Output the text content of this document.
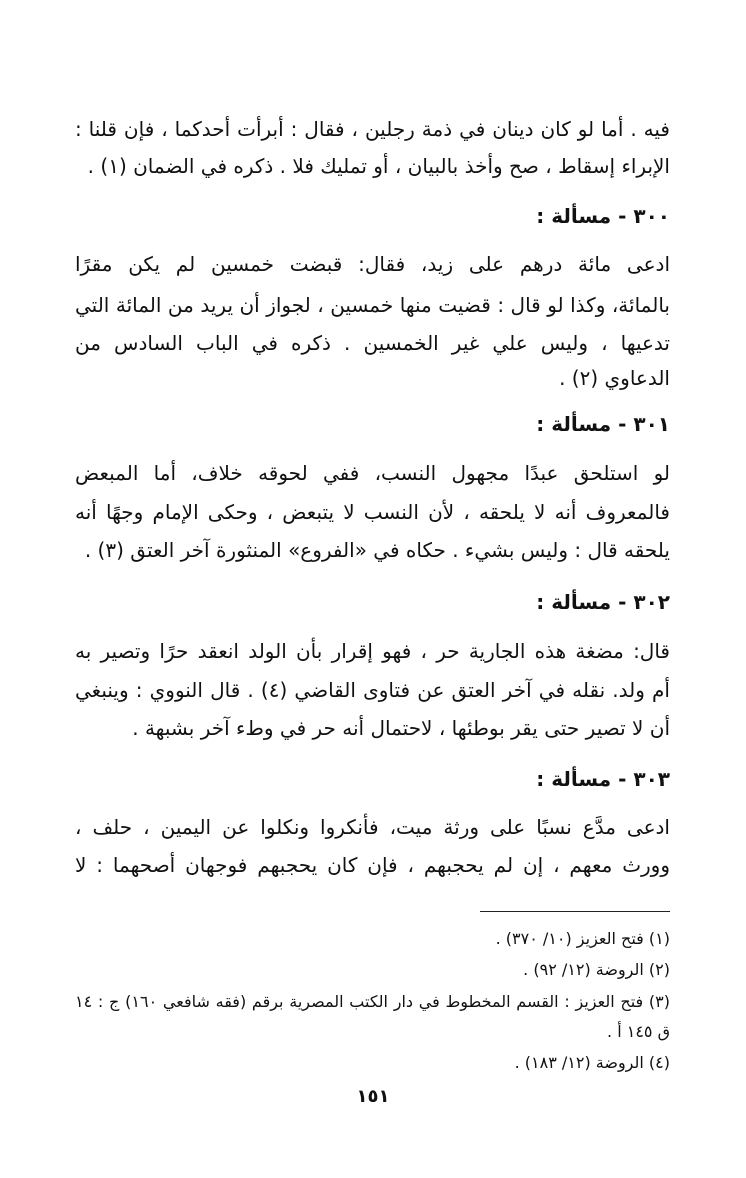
فيه . أما لو كان دينان في ذمة رجلين ، فقال : أبرأت أحدكما ، فإن قلنا :
الإبراء إسقاط ، صح وأخذ بالبيان ، أو تمليك فلا . ذكره في الضمان (١) .
٣٠٠ - مسألة :
ادعى مائة درهم على زيد، فقال: قبضت خمسين لم يكن مقرًا
بالمائة، وكذا لو قال : قضيت منها خمسين ، لجواز أن يريد من المائة التي
تدعيها ، وليس علي غير الخمسين . ذكره في الباب السادس من
الدعاوي (٢) .
٣٠١ - مسألة :
لو استلحق عبدًا مجهول النسب، ففي لحوقه خلاف، أما المبعض
فالمعروف أنه لا يلحقه ، لأن النسب لا يتبعض ، وحكى الإمام وجهًا أنه
يلحقه قال : وليس بشيء . حكاه في «الفروع» المنثورة آخر العتق (٣) .
٣٠٢ - مسألة :
قال: مضغة هذه الجارية حر ، فهو إقرار بأن الولد انعقد حرًا وتصير به
أم ولد. نقله في آخر العتق عن فتاوى القاضي (٤) . قال النووي : وينبغي
أن لا تصير حتى يقر بوطئها ، لاحتمال أنه حر في وطء آخر بشبهة .
٣٠٣ - مسألة :
ادعى مدَّع نسبًا على ورثة ميت، فأنكروا ونكلوا عن اليمين ، حلف ،
وورث معهم ، إن لم يحجبهم ، فإن كان يحجبهم فوجهان أصحهما : لا
(١) فتح العزيز (١٠/ ٣٧٠) .
(٢) الروضة (١٢/ ٩٢) .
(٣) فتح العزيز : القسم المخطوط في دار الكتب المصرية برقم (فقه شافعي ١٦٠) ج : ١٤
ق ١٤٥ أ .
(٤) الروضة (١٢/ ١٨٣) .
١٥١
